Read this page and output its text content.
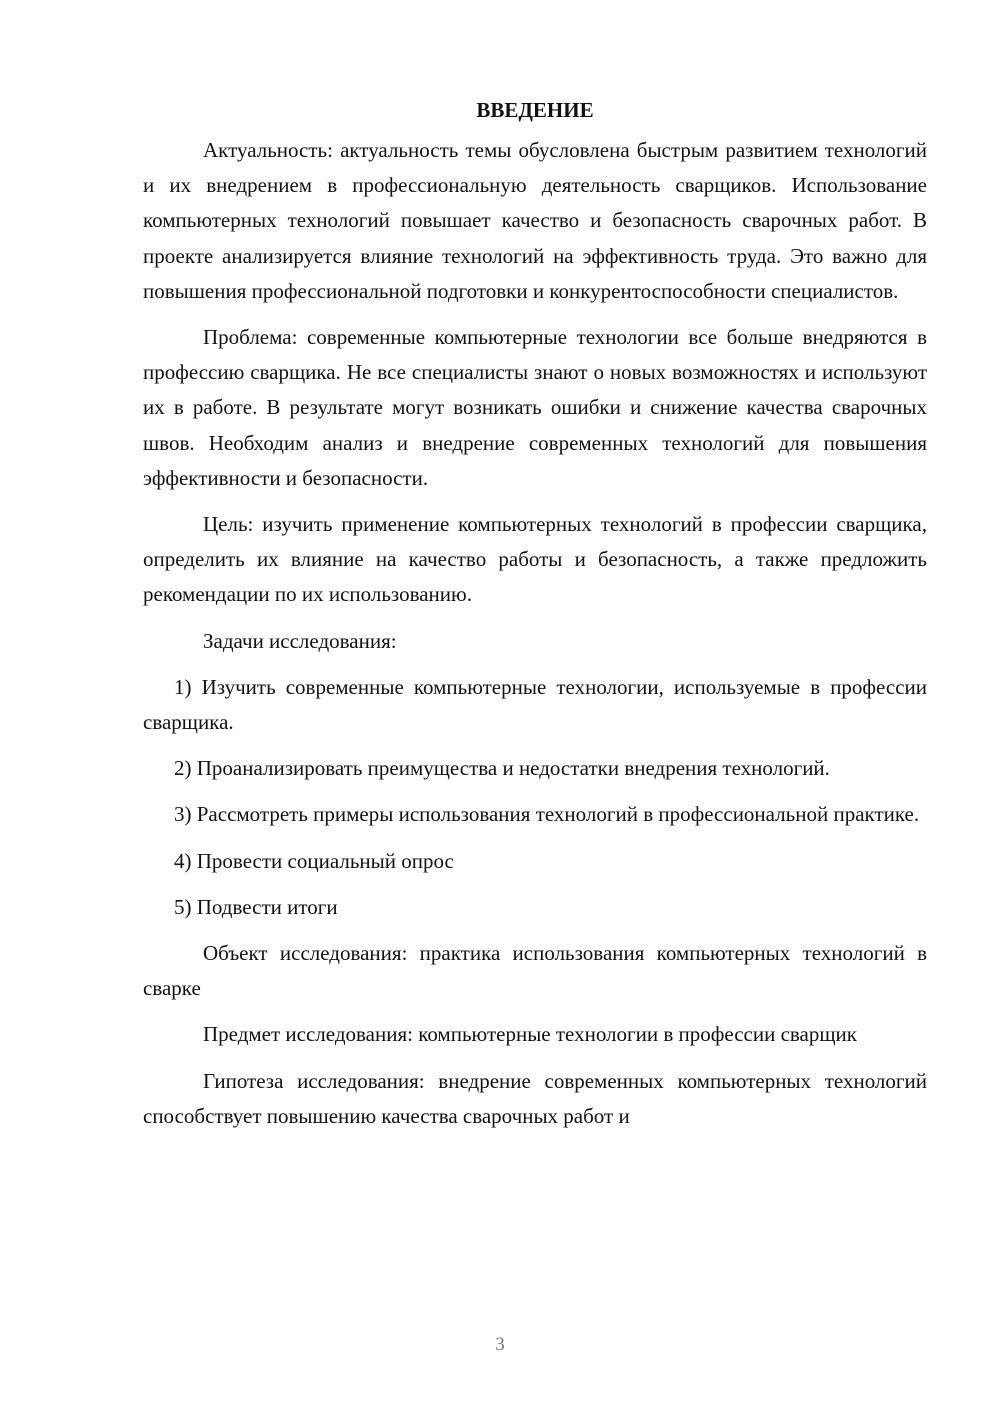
ВВЕДЕНИЕ

Актуальность: актуальность темы обусловлена быстрым развитием технологий и их внедрением в профессиональную деятельность сварщиков. Использование компьютерных технологий повышает качество и безопасность сварочных работ. В проекте анализируется влияние технологий на эффективность труда. Это важно для повышения профессиональной подготовки и конкурентоспособности специалистов.

Проблема: современные компьютерные технологии все больше внедряются в профессию сварщика. Не все специалисты знают о новых возможностях и используют их в работе. В результате могут возникать ошибки и снижение качества сварочных швов. Необходим анализ и внедрение современных технологий для повышения эффективности и безопасности.

Цель: изучить применение компьютерных технологий в профессии сварщика, определить их влияние на качество работы и безопасность, а также предложить рекомендации по их использованию.

Задачи исследования:

1) Изучить современные компьютерные технологии, используемые в профессии сварщика.

2) Проанализировать преимущества и недостатки внедрения технологий.

3) Рассмотреть примеры использования технологий в профессиональной практике.

4) Провести социальный опрос

5) Подвести итоги

Объект исследования: практика использования компьютерных технологий в сварке

Предмет исследования: компьютерные технологии в профессии сварщик

Гипотеза исследования: внедрение современных компьютерных технологий способствует повышению качества сварочных работ и

3
